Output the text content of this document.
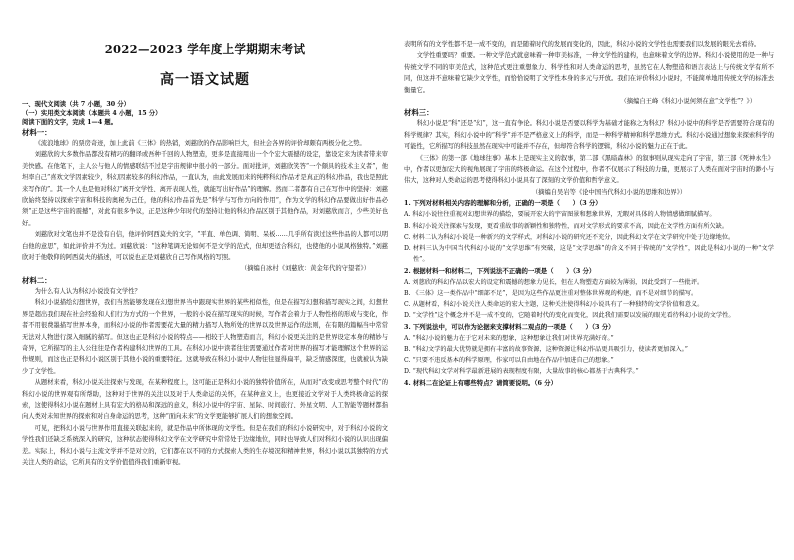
2022—2023 学年度上学期期末考试
高一语文试题
一、现代文阅读（共 7 小题，30 分）
（一）实用类文本阅读（本题共 4 小题，15 分）
阅读下面的文字，完成 1—4 题。
材料一：

《流浪地球》的票房奇迹，加上此前《三体》的热销，刘慈欣的作品影响巨大，但社会各界的评价却颇有两极分化之势。

刘慈欣的大多数作品都没有精巧的翻译或吾种千回的人物塑造，更多是直接甩出一个个宏大震撼的设定，靠设定来为读者带来审美快感。在他笔下，主人公与他人的情感联结不过是宇宙规律中很小的一部分。面对批评，刘慈欣笑答“一个颇具的技术主义者”，他坦率自己“喜欢文学因素较少，科幻因素较多的科幻作品，一直认为，由此发展而来的纯粹科幻作品才是真正的科幻作品，我也是照此来写作的”。其一个人也是他对科幻“离开文学性、离开表现人性，就能写出好作品”的理解。然而二者都有自己在写作中的坚持：刘慈欣始终坚持以探索宇宙和科技的奥秘为己任，他的科幻作品首先是“科学与写作方向的作用”，作为文学的科幻作品要做出好作品必须“正是这些宇宙的震撼”，对此有很多争议，正是这种少年时代的坚持让他的科幻作品区别于其他作品，对刘慈欣而言，少些美好也好。

刘慈欣对文笔也并不是没有自信，他评价阿西莫夫的文字，“平直、单色调、简明、呆板……几乎所有读过这些作品的人都可以明白他的意思”，如此评价并不为过。刘慈欣说：“这种笔调无论如何不是文学的范式，但却更适合科幻，也使他的小说风格独特。”刘慈欣对于他敬仰的阿西莫夫的描述，可以说也正是刘慈欣自己写作风格的写照。

（摘编自冰村《刘慈欣：黄金年代的守望者》）

材料二：

为什么有人认为科幻小说没有文学性？

科幻小说描绘幻想世界，我们当然能够发现在幻想世界当中跟现实世界的某些相似性，但是在描写幻想和描写现实之间，幻想世界是超出我们现在社会经验和人们行为方式的一个世界，一般的小说在描写现实的时候，写作者会着力于人物性格的形成与变化，作者不用很费墨描写世界本身，而科幻小说的作者需要花大量的精力描写人物所处的世界以及世界运作的法则，在有限的篇幅当中常常无法对人物进行深入细腻的描写。但这也正是科幻小说的特点——相较于人物塑造而言，科幻小说更关注的是世界设定本身的精妙与奇异，它所描写的主人公往往是作者构建科幻世界的工具。在科幻小说中读者往往需要通过作者对世界的描写才能理解这个世界的运作规则，而这也正是科幻小说区别于其他小说的重要特征。这就导致在科幻小说中人物往往显得扁平，缺乏情感深度，也就被认为缺少了文学性。

从题材来看，科幻小说关注探索与发现，在某种程度上，这可能正是科幻小说的独特价值所在，从而对“改变或思考整个时代”的科幻小说的世界观有所帮助，这种对于世界的关注以及对于人类命运的关怀，在某种意义上，也更接近文学对于人类终极命运的探索，这使得科幻小说在题材上具有宏大的格局和深远的意义，科幻小说中的宇宙、星际、时间旅行、外星文明、人工智能等题材都指向人类对未知世界的探索和对自身命运的思考，这种“面向未来”的文学更能够扩展人们的想象空间。

可见，把科幻小说与世界作用直接关联起来的，就是作品中所体现的文学性。但是在我们的科幻小说研究中，对于科幻小说的文学性我们还缺乏系统深入的研究，这种状态使得科幻文学在文学研究中常常处于边缘地位，同时也导致人们对科幻小说的认识出现偏差。实际上，科幻小说与主流文学并不是对立的，它们都在以不同的方式探索人类的生存境况和精神世界，科幻小说以其独特的方式关注人类的命运，它所具有的文学价值值得我们重新审视。

表明所有的文学性都不是一成不变的，而是随着时代的发展而变化的，因此，科幻小说的文学性也需要我们以发展的眼光去看待。

文学性重要吗？重要。一种文学范式就意味着一种审美标准，一种文学性的建构，也意味着文学的边界。科幻小说使用的是一种与传统文学不同的审美范式，这种范式更注重想象力、科学性和对人类命运的思考，虽然它在人物塑造和语言表达上与传统文学有所不同，但这并不意味着它缺少文学性，而恰恰说明了文学性本身的多元与开放。我们在评价科幻小说时，不能简单地用传统文学的标准去衡量它。

（摘编自王峰《科幻小说何须在意“文学性”？》）

材料三：

科幻小说是“科”还是“幻”，这一直有争论。科幻小说是否要以科学为基础才能称之为科幻？科幻小说中的科学是否需要符合现有的科学规律？其实，科幻小说中的“科学”并不是严格意义上的科学，而是一种科学精神和科学思维方式。科幻小说通过想象来探索科学的可能性，它所描写的科技虽然在现实中可能并不存在，但却符合科学的逻辑，科幻小说的魅力正在于此。

《三体》的第一部《地球往事》基本上是现实主义的叙事，第二部《黑暗森林》的叙事则从现实走向了宇宙，第三部《死神永生》中，作者以更加宏大的视角展现了宇宙的终极命运。在这个过程中，作者不仅展示了科技的力量，更展示了人类在面对宇宙时的渺小与伟大，这种对人类命运的思考使得科幻小说具有了深刻的文学价值和哲学意义。

（摘编自吴岩等《论中国当代科幻小说的思维和边界》）

1. 下列对材料相关内容的理解和分析，正确的一项是（　　）（3 分）

A. 科幻小说往往重视对幻想世界的描绘，要展开宏大的宇宙图景和想象世界，无暇对具体的人物情感做细腻描写。

B. 科幻小说关注探索与发现，更看重故事的新颖性和独特性，而对文学形式的要求不高，因此在文学性方面有所欠缺。

C. 材料二认为科幻小说是一种新兴的文学样式，对科幻小说的研究还不充分，因此科幻文学在文学研究中处于边缘地位。

D. 材料三认为中国当代科幻小说的“文学思维”有突破，这是“文学思维”的含义不同于传统的“文学性”，因此是科幻小说的一种“文学性”。

2. 根据材料一和材料二，下列说法不正确的一项是（　　）（3 分）

A. 刘慈欣的科幻作品以宏大的设定和震撼的想象力见长，但在人物塑造方面较为薄弱，因此受到了一些批评。

B. 《三体》这一类作品中“细部不足”，是因为这些作品更注重对整体世界观的构建，而不是对细节的描写。

C. 从题材看，科幻小说关注人类命运的宏大主题，这种关注使得科幻小说具有了一种独特的文学价值和意义。

D. “文学性”这个概念并不是一成不变的，它随着时代的变化而变化，因此我们需要以发展的眼光看待科幻小说的文学性。

3. 下列说法中，可以作为论据来支撑材料二观点的一项是（　　）（3 分）

A. “科幻小说的魅力在于它对未来的想象，这种想象让我们对世界充满好奇。”

B. “科幻文学的最大优势就是拥有丰富的故事资源，这种资源让科幻作品更具吸引力，使读者更加深入。”

C. “只要不违反基本的科学原理，作家可以自由地在作品中加进自己的想象。”

D. “现代科幻文学对科学最新进展的表现程度有限，大量故事的核心都基于古典科学。”

4. 材料二在论证上有哪些特点？请简要说明。（6 分）
